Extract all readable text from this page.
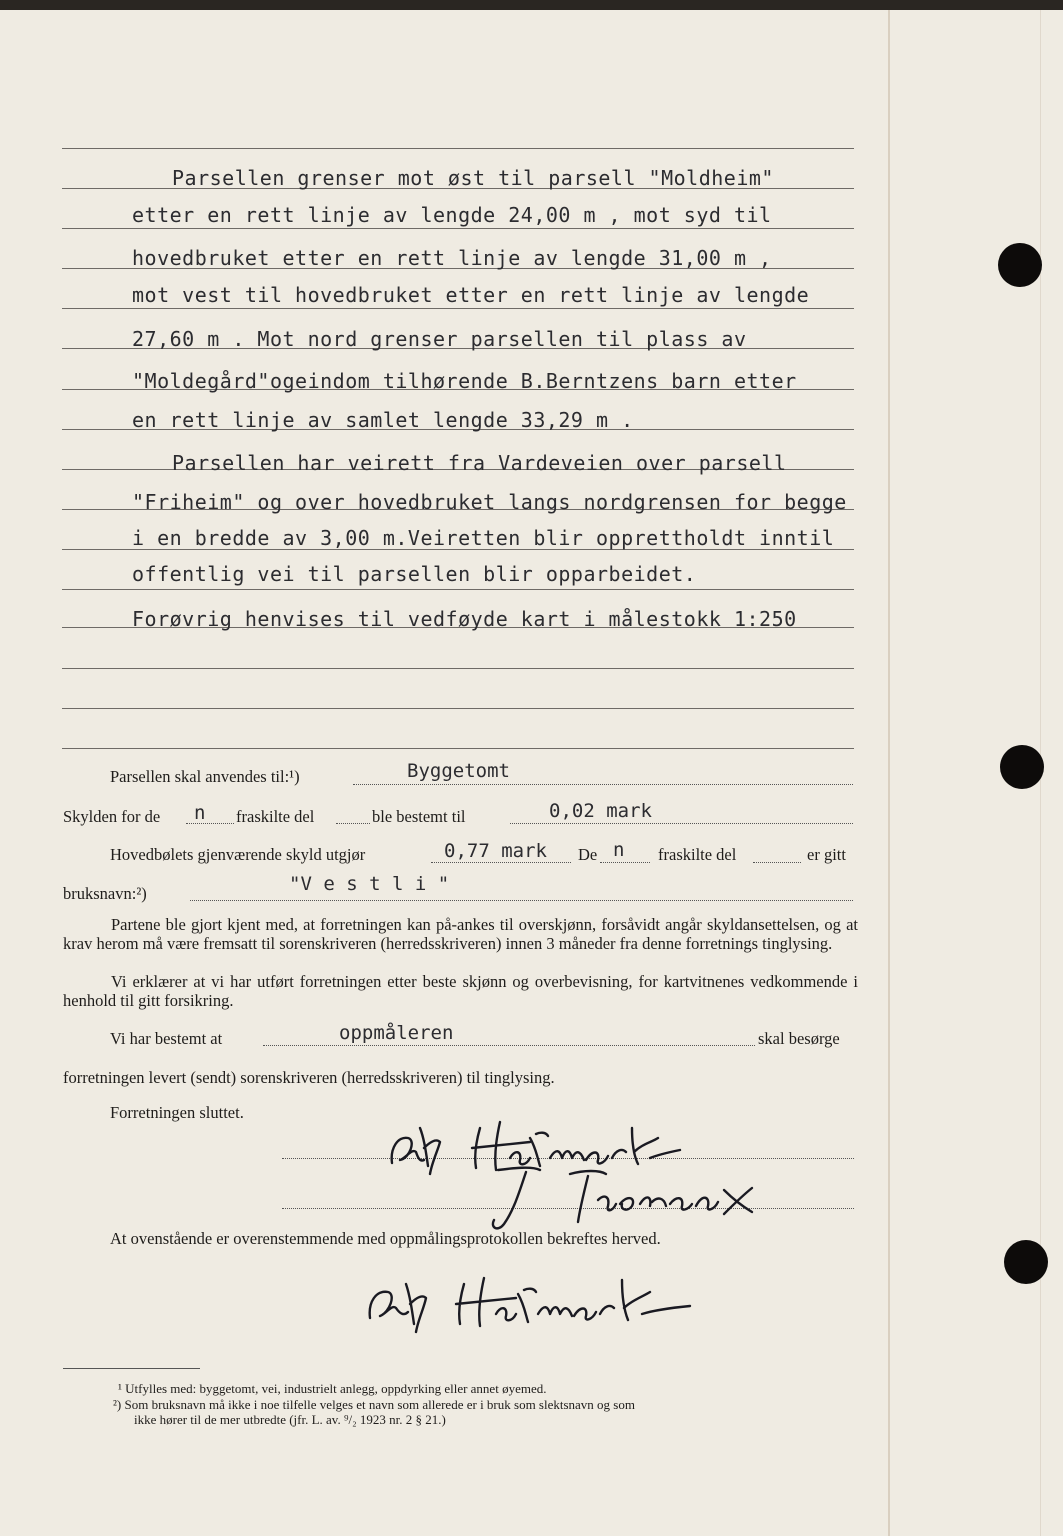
Parsellen grenser mot øst til parsell "Moldheim"
etter en rett linje av lengde 24,00 m , mot syd til
hovedbruket etter en rett linje av lengde 31,00 m ,
mot vest til hovedbruket etter en rett linje av lengde
27,60 m . Mot nord grenser parsellen til plass av
"Moldegård"ogeindom tilhørende B.Berntzens barn etter
en rett linje av samlet lengde 33,29 m .
Parsellen har veirett fra Vardeveien over parsell
"Friheim" og over hovedbruket langs nordgrensen for begge
i en bredde av 3,00 m.Veiretten blir opprettholdt inntil
offentlig vei til parsellen blir opparbeidet.
Forøvrig henvises til vedføyde kart i målestokk 1:250
Parsellen skal anvendes til:¹)	Byggetomt
Skylden for de n fraskilte del	ble bestemt til	0,02 mark
Hovedbølets gjenværende skyld utgjør	0,77 mark De n fraskilte del	er gitt
bruksnavn:²)	"V e s t l i "
Partene ble gjort kjent med, at forretningen kan på-ankes til overskjønn, forsåvidt angår skyldansettelsen, og at krav herom må være fremsatt til sorenskriveren (herredsskriveren) innen 3 måneder fra denne forretnings tinglysing.
Vi erklærer at vi har utført forretningen etter beste skjønn og overbevisning, for kartvitnenes vedkommende i henhold til gitt forsikring.
Vi har bestemt at	oppmåleren	skal besørge
forretningen levert (sendt) sorenskriveren (herredsskriveren) til tinglysing.
Forretningen sluttet.
At ovenstående er overenstemmende med oppmålingsprotokollen bekreftes herved.
¹ Utfylles med: byggetomt, vei, industrielt anlegg, oppdyrking eller annet øyemed.
²) Som bruksnavn må ikke i noe tilfelle velges et navn som allerede er i bruk som slektsnavn og som
ikke hører til de mer utbredte (jfr. L. av. ⁹/₂ 1923 nr. 2 § 21.)
